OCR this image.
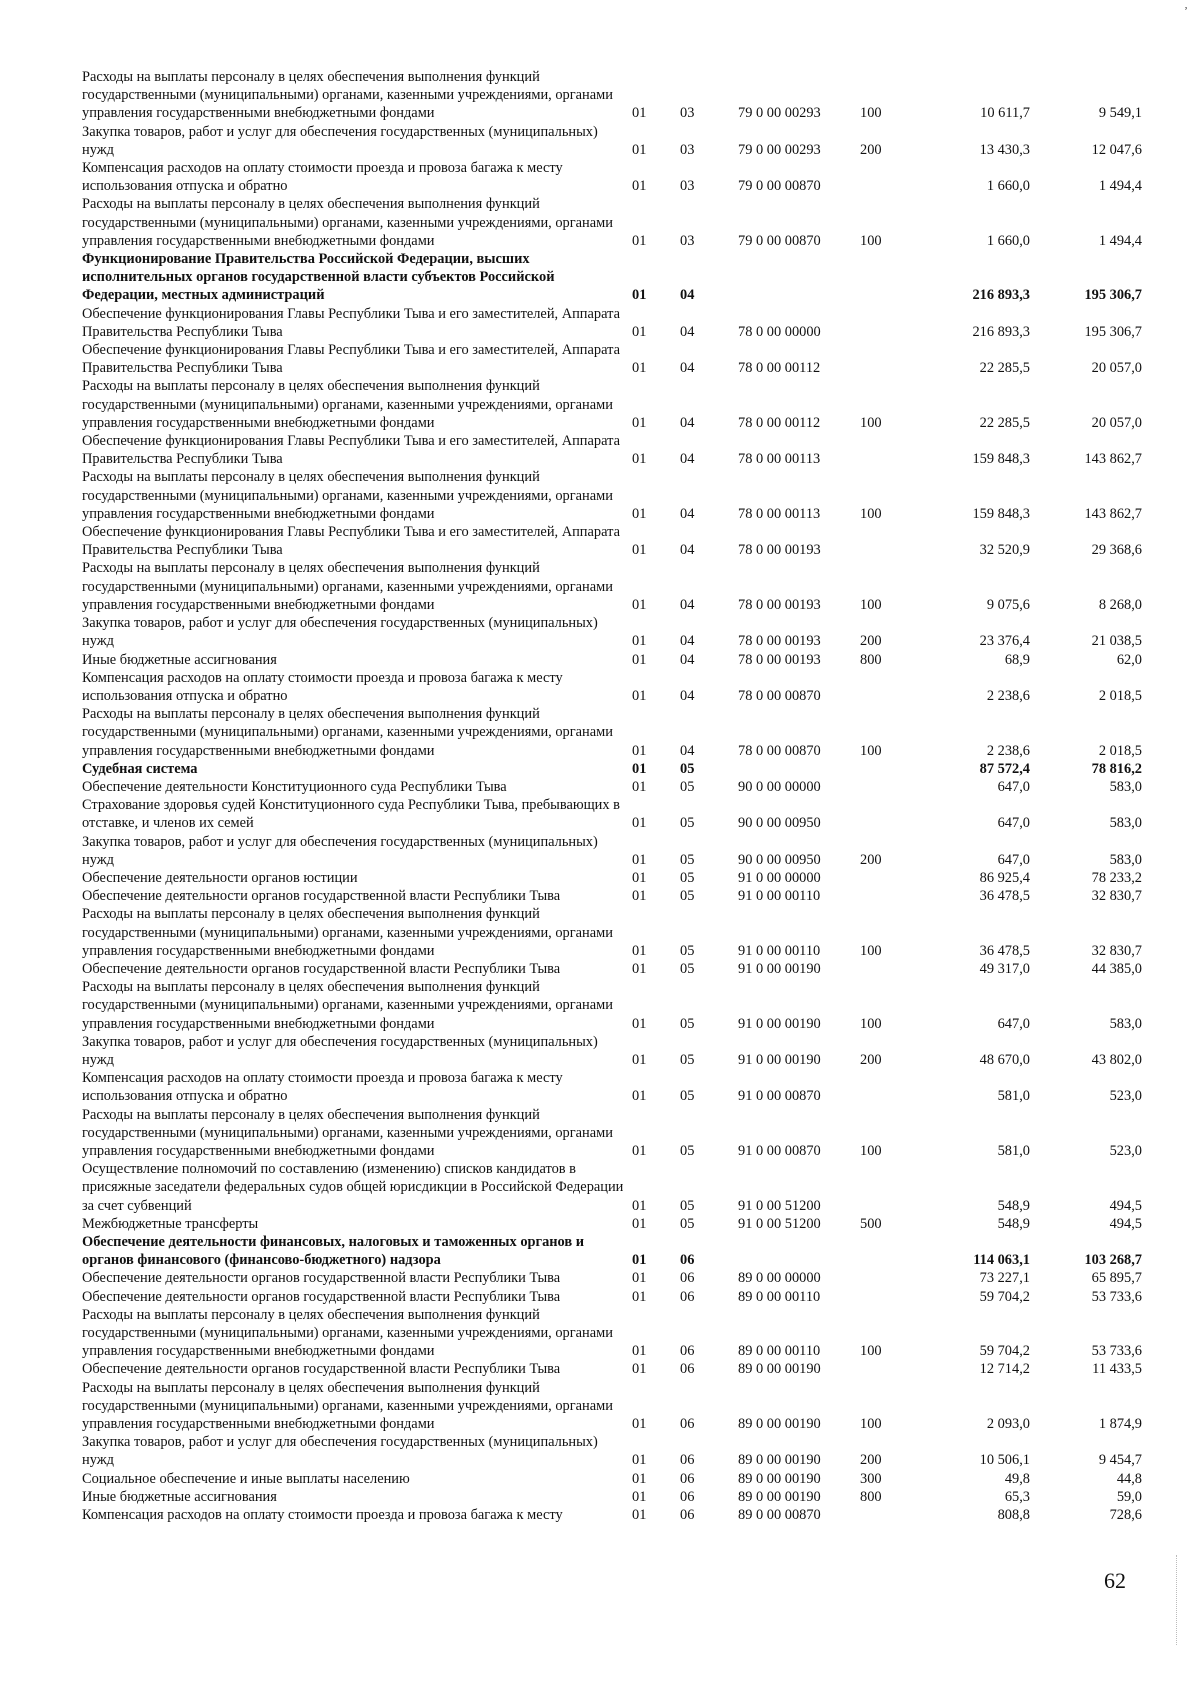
ʼ
Расходы на выплаты персоналу в целях обеспечения выполнения функций государственными (муниципальными) органами, казенными учреждениями, органами управления государственными внебюджетными фондами	01	03	79 0 00 00293	100	10 611,7	9 549,1
Закупка товаров, работ и услуг для обеспечения государственных (муниципальных) нужд	01	03	79 0 00 00293	200	13 430,3	12 047,6
Компенсация расходов на оплату стоимости проезда и провоза багажа к месту использования отпуска и обратно	01	03	79 0 00 00870		1 660,0	1 494,4
Расходы на выплаты персоналу в целях обеспечения выполнения функций государственными (муниципальными) органами, казенными учреждениями, органами управления государственными внебюджетными фондами	01	03	79 0 00 00870	100	1 660,0	1 494,4
Функционирование Правительства Российской Федерации, высших исполнительных органов государственной власти субъектов Российской Федерации, местных администраций	01	04			216 893,3	195 306,7
Обеспечение функционирования Главы Республики Тыва и его заместителей, Аппарата Правительства Республики Тыва	01	04	78 0 00 00000		216 893,3	195 306,7
Обеспечение функционирования Главы Республики Тыва и его заместителей, Аппарата Правительства Республики Тыва	01	04	78 0 00 00112		22 285,5	20 057,0
Расходы на выплаты персоналу в целях обеспечения выполнения функций государственными (муниципальными) органами, казенными учреждениями, органами управления государственными внебюджетными фондами	01	04	78 0 00 00112	100	22 285,5	20 057,0
Обеспечение функционирования Главы Республики Тыва и его заместителей, Аппарата Правительства Республики Тыва	01	04	78 0 00 00113		159 848,3	143 862,7
Расходы на выплаты персоналу в целях обеспечения выполнения функций государственными (муниципальными) органами, казенными учреждениями, органами управления государственными внебюджетными фондами	01	04	78 0 00 00113	100	159 848,3	143 862,7
Обеспечение функционирования Главы Республики Тыва и его заместителей, Аппарата Правительства Республики Тыва	01	04	78 0 00 00193		32 520,9	29 368,6
Расходы на выплаты персоналу в целях обеспечения выполнения функций государственными (муниципальными) органами, казенными учреждениями, органами управления государственными внебюджетными фондами	01	04	78 0 00 00193	100	9 075,6	8 268,0
Закупка товаров, работ и услуг для обеспечения государственных (муниципальных) нужд	01	04	78 0 00 00193	200	23 376,4	21 038,5
Иные бюджетные ассигнования	01	04	78 0 00 00193	800	68,9	62,0
Компенсация расходов на оплату стоимости проезда и провоза багажа к месту использования отпуска и обратно	01	04	78 0 00 00870		2 238,6	2 018,5
Расходы на выплаты персоналу в целях обеспечения выполнения функций государственными (муниципальными) органами, казенными учреждениями, органами управления государственными внебюджетными фондами	01	04	78 0 00 00870	100	2 238,6	2 018,5
Судебная система	01	05			87 572,4	78 816,2
Обеспечение деятельности Конституционного суда Республики Тыва	01	05	90 0 00 00000		647,0	583,0
Страхование здоровья судей Конституционного суда Республики Тыва, пребывающих в отставке, и членов их семей	01	05	90 0 00 00950		647,0	583,0
Закупка товаров, работ и услуг для обеспечения государственных (муниципальных) нужд	01	05	90 0 00 00950	200	647,0	583,0
Обеспечение деятельности органов юстиции	01	05	91 0 00 00000		86 925,4	78 233,2
Обеспечение деятельности органов государственной власти Республики Тыва	01	05	91 0 00 00110		36 478,5	32 830,7
Расходы на выплаты персоналу в целях обеспечения выполнения функций государственными (муниципальными) органами, казенными учреждениями, органами управления государственными внебюджетными фондами	01	05	91 0 00 00110	100	36 478,5	32 830,7
Обеспечение деятельности органов государственной власти Республики Тыва	01	05	91 0 00 00190		49 317,0	44 385,0
Расходы на выплаты персоналу в целях обеспечения выполнения функций государственными (муниципальными) органами, казенными учреждениями, органами управления государственными внебюджетными фондами	01	05	91 0 00 00190	100	647,0	583,0
Закупка товаров, работ и услуг для обеспечения государственных (муниципальных) нужд	01	05	91 0 00 00190	200	48 670,0	43 802,0
Компенсация расходов на оплату стоимости проезда и провоза багажа к месту использования отпуска и обратно	01	05	91 0 00 00870		581,0	523,0
Расходы на выплаты персоналу в целях обеспечения выполнения функций государственными (муниципальными) органами, казенными учреждениями, органами управления государственными внебюджетными фондами	01	05	91 0 00 00870	100	581,0	523,0
Осуществление полномочий по составлению (изменению) списков кандидатов в присяжные заседатели федеральных судов общей юрисдикции в Российской Федерации за счет субвенций	01	05	91 0 00 51200		548,9	494,5
Межбюджетные трансферты	01	05	91 0 00 51200	500	548,9	494,5
Обеспечение деятельности финансовых, налоговых и таможенных органов и органов финансового (финансово-бюджетного) надзора	01	06			114 063,1	103 268,7
Обеспечение деятельности органов государственной власти Республики Тыва	01	06	89 0 00 00000		73 227,1	65 895,7
Обеспечение деятельности органов государственной власти Республики Тыва	01	06	89 0 00 00110		59 704,2	53 733,6
Расходы на выплаты персоналу в целях обеспечения выполнения функций государственными (муниципальными) органами, казенными учреждениями, органами управления государственными внебюджетными фондами	01	06	89 0 00 00110	100	59 704,2	53 733,6
Обеспечение деятельности органов государственной власти Республики Тыва	01	06	89 0 00 00190		12 714,2	11 433,5
Расходы на выплаты персоналу в целях обеспечения выполнения функций государственными (муниципальными) органами, казенными учреждениями, органами управления государственными внебюджетными фондами	01	06	89 0 00 00190	100	2 093,0	1 874,9
Закупка товаров, работ и услуг для обеспечения государственных (муниципальных) нужд	01	06	89 0 00 00190	200	10 506,1	9 454,7
Социальное обеспечение и иные выплаты населению	01	06	89 0 00 00190	300	49,8	44,8
Иные бюджетные ассигнования	01	06	89 0 00 00190	800	65,3	59,0
Компенсация расходов на оплату стоимости проезда и провоза багажа к месту	01	06	89 0 00 00870		808,8	728,6
62
